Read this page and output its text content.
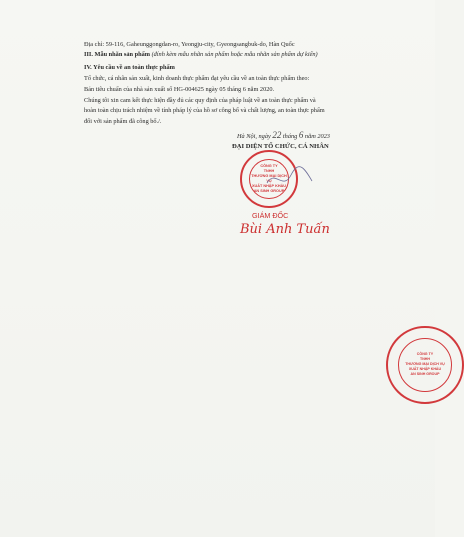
Địa chỉ: 59-116, Gaheunggongdan-ro, Yeongju-city, Gyeongsangbuk-do, Hàn Quốc
III. Mẫu nhãn sản phẩm (đính kèm mẫu nhãn sản phẩm hoặc mẫu nhãn sản phẩm dự kiến)
IV. Yêu cầu về an toàn thực phẩm
Tổ chức, cá nhân sản xuất, kinh doanh thực phẩm đạt yêu cầu về an toàn thực phẩm theo:
Bản tiêu chuẩn của nhà sản xuất số HG-004625 ngày 05 tháng 6 năm 2020.
Chúng tôi xin cam kết thực hiện đầy đủ các quy định của pháp luật về an toàn thực phẩm và
hoàn toàn chịu trách nhiệm về tính pháp lý của hồ sơ công bố và chất lượng, an toàn thực phẩm
đối với sản phẩm đã công bố./.
Hà Nội, ngày 22 tháng 6 năm 2023
ĐẠI DIỆN TỔ CHỨC, CÁ NHÂN
CÔNG TY
TNHH
THƯƠNG MẠI DỊCH VỤ
XUẤT NHẬP KHẨU
AN SINH GROUP
GIÁM ĐỐC
Bùi Anh Tuấn
CÔNG TY
TNHH
THƯƠNG MẠI DỊCH VỤ
XUẤT NHẬP KHẨU
AN SINH GROUP
